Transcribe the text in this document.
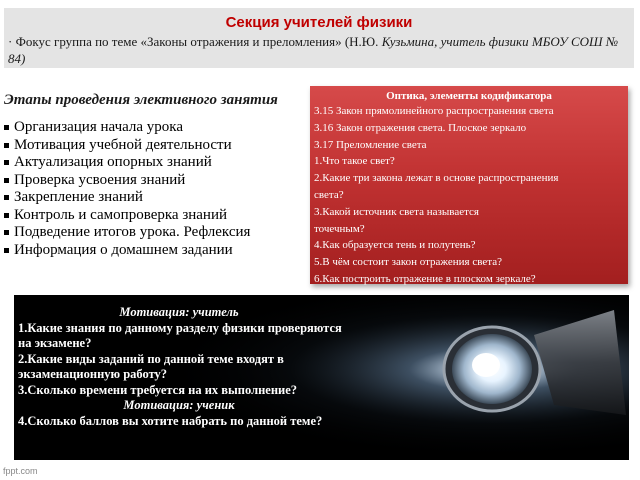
Секция учителей физики
· Фокус группа по теме «Законы отражения и преломления» (Н.Ю. Кузьмина, учитель физики МБОУ СОШ № 84)
Этапы проведения элективного занятия
Организация начала урока
Мотивация учебной деятельности
Актуализация опорных знаний
Проверка усвоения знаний
Закрепление знаний
Контроль и самопроверка знаний
Подведение итогов урока. Рефлексия
Информация о домашнем задании
Оптика, элементы кодификатора
3.15 Закон прямолинейного распространения света
3.16 Закон отражения света. Плоское зеркало
3.17 Преломление света
1.Что такое свет?
2.Какие три закона лежат в основе распространения
света?
3.Какой источник света называется
точечным?
4.Как образуется тень и полутень?
5.В чём состоит закон отражения света?
6.Как построить отражение в плоском зеркале?
Мотивация: учитель
1.Какие знания по данному разделу физики проверяются на экзамене?
2.Какие виды заданий по данной теме входят в экзаменационную работу?
3.Сколько времени требуется на их выполнение?
Мотивация: ученик
4.Сколько баллов вы хотите набрать по данной теме?
fppt.com
